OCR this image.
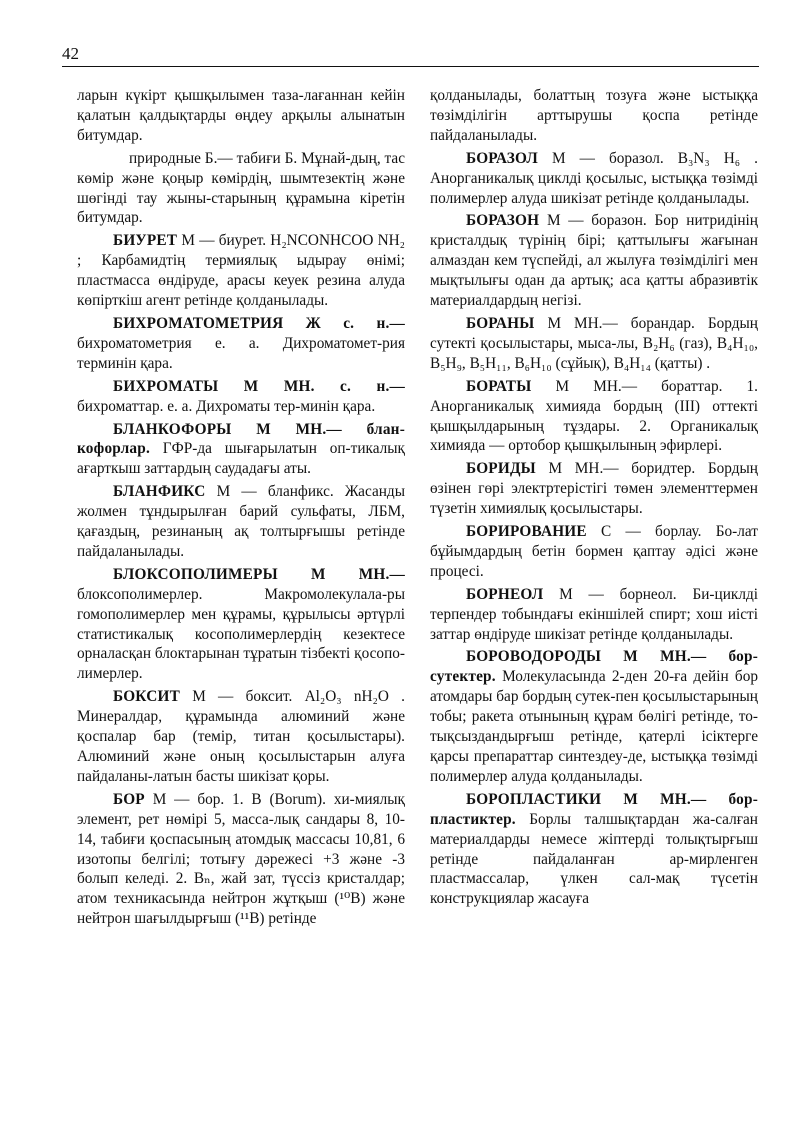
42

ларын күкірт қышқылымен таза-лағаннан кейін қалатын қалдықтарды өңдеу арқылы алынатын битумдар.

природные Б.— табиғи Б. Мұнай-дың, тас көмір және қоңыр көмірдің, шымтезектің және шөгінді тау жыны-старының құрамына кіретін битумдар.

БИУРЕТ М — биурет. H₂NCONHCOO NH₂ ; Карбамидтің термиялық ыдырау өнімі; пластмасса өндіруде, арасы кеуек резина алуда көпірткіш агент ретінде қолданылады.

БИХРОМАТОМЕТРИЯ Ж с. н.— бихроматометрия е. а. Дихроматомет-рия терминін қара.

БИХРОМАТЫ М МН. с. н.— бихроматтар. е. а. Дихроматы тер-минін қара.

БЛАНКОФОРЫ М МН.— блан-кофорлар. ГФР-да шығарылатын оп-тикалық ағарткыш заттардың саудадағы аты.

БЛАНФИКС М — бланфикс. Жасанды жолмен тұндырылған барий сульфаты, ЛБМ, қағаздың, резинаның ақ толтырғышы ретінде пайдаланылады.

БЛОКСОПОЛИМЕРЫ М МН.— блоксополимерлер. Макромолекулала-ры гомополимерлер мен құрамы, құрылысы әртүрлі статистикалық косополимерлердің кезектесе орналасқан блоктарынан тұратын тізбекті қосопо-лимерлер.

БОКСИТ М — боксит. Al₂O₃ nH₂O . Минералдар, құрамында алюминий және қоспалар бар (темір, титан қосылыстары). Алюминий және оның қосылыстарын алуға пайдаланы-латын басты шикізат қоры.

БОР М — бор. 1. B (Borum). хи-миялық элемент, рет нөмірі 5, масса-лық сандары 8, 10-14, табиғи қоспасының атомдық массасы 10,81, 6 изотопы белгілі; тотығу дәрежесі +3 және -3 болып келеді. 2. Bₙ, жай зат, түссіз кристалдар; атом техникасында нейтрон жұтқыш (¹⁰B) және нейтрон шағылдырғыш (¹¹B) ретінде

қолданылады, болаттың тозуға және ыстыққа төзімділігін арттырушы қоспа ретінде пайдаланылады.

БОРАЗОЛ М — боразол. B₃N₃ H₆ . Анорганикалық циклді қосылыс, ыстыққа төзімді полимерлер алуда шикізат ретінде қолданылады.

БОРАЗОН М — боразон. Бор нитридінің кристалдық түрінің бірі; қаттылығы жағынан алмаздан кем түспейді, ал жылуға төзімділігі мен мықтылығы одан да артық; аса қатты абразивтік материалдардың негізі.

БОРАНЫ М МН.— борандар. Бордың сутекті қосылыстары, мыса-лы, B₂H₆ (газ), B₄H₁₀, B₅H₉, B₅H₁₁, B₆H₁₀ (сұйық), B₄H₁₄ (қатты) .

БОРАТЫ М МН.— бораттар. 1. Анорганикалық химияда бордың (III) оттекті қышқылдарының тұздары. 2. Органикалық химияда — ортобор қышқылының эфирлері.

БОРИДЫ М МН.— боридтер. Бордың өзінен гөрі электртерістігі төмен элементтермен түзетін химиялық қосылыстары.

БОРИРОВАНИЕ С — борлау. Бо-лат бұйымдардың бетін бормен қаптау әдісі және процесі.

БОРНЕОЛ М — борнеол. Би-циклді терпендер тобындағы екіншілей спирт; хош иісті заттар өндіруде шикізат ретінде қолданылады.

БОРОВОДОРОДЫ М МН.— бор-сутектер. Молекуласында 2-ден 20-ға дейін бор атомдары бар бордың сутек-пен қосылыстарының тобы; ракета отынының құрам бөлігі ретінде, то-тықсыздандырғыш ретінде, қатерлі ісіктерге қарсы препараттар синтездеу-де, ыстыққа төзімді полимерлер алуда қолданылады.

БОРОПЛАСТИКИ М МН.— бор-пластиктер. Борлы талшықтардан жа-салған материалдарды немесе жіптерді толықтырғыш ретінде пайдаланған ар-мирленген пластмассалар, үлкен сал-мақ түсетін конструкциялар жасауға
